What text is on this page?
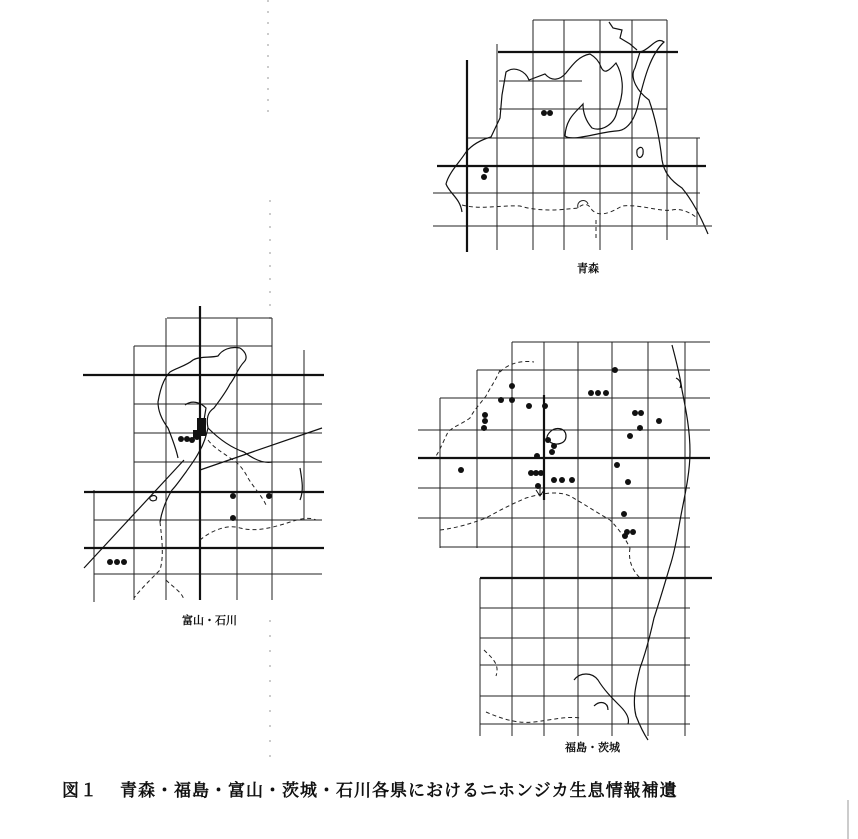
青森
富山・石川
福島・茨城
図１ 青森・福島・富山・茨城・石川各県におけるニホンジカ生息情報補遺
